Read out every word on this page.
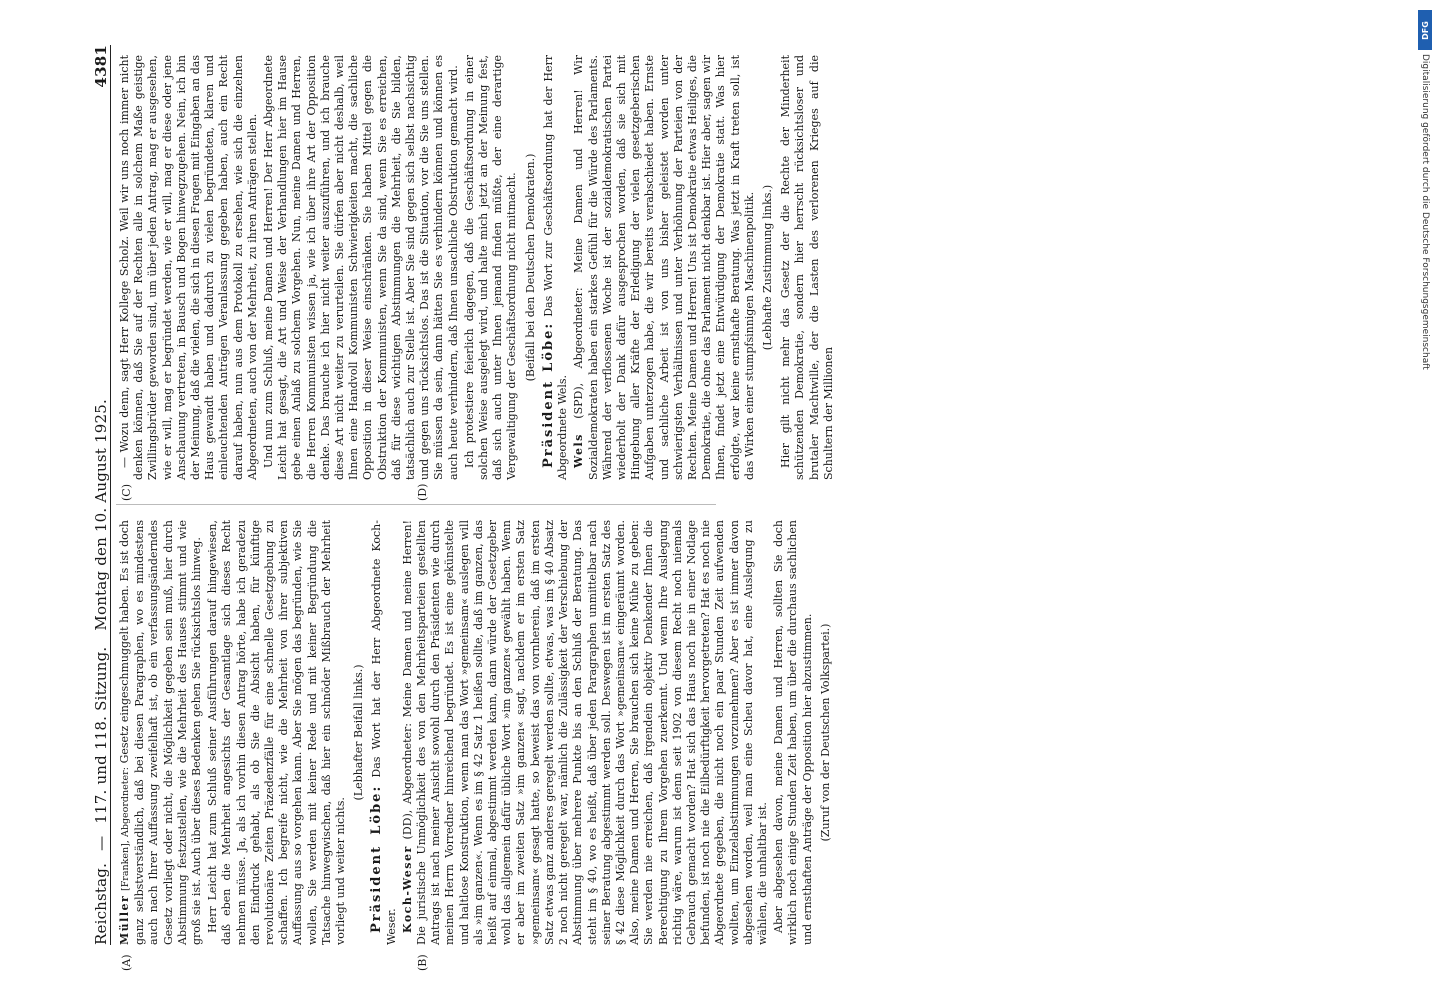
Reichstag.
—
117. und 118. Sitzung.
Montag den 10. August 1925.
4381
(A)	(B)
(C)	(D)

Müller [Franken], Abgeordneter: Gesetz eingeschmuggelt haben. Es ist doch ganz selbstverständlich, daß bei diesen Paragraphen, wo es mindestens auch nach Ihrer Auffassung zweifelhaft ist, ob ein verfassungsänderndes Gesetz vorliegt oder nicht, die Möglichkeit gegeben sein muß, hier durch Abstimmung festzustellen, wie die Mehrheit des Hauses stimmt und wie groß sie ist. Auch über dieses Bedenken gehen Sie rücksichtslos hinweg. Herr Leicht hat zum Schluß seiner Ausführungen darauf hingewiesen, daß eben die Mehrheit angesichts der Gesamtlage sich dieses Recht nehmen müsse. Ja, als ich vorhin diesen Antrag hörte, habe ich geradezu den Eindruck gehabt, als ob Sie die Absicht haben, für künftige revolutionäre Zeiten Präzedenzfälle für eine schnelle Gesetzgebung zu schaffen. Ich begreife nicht, wie die Mehrheit von ihrer subjektiven Auffassung aus so vorgehen kann. Aber Sie mögen das begründen, wie Sie wollen, Sie werden mit keiner Rede und mit keiner Begründung die Tatsache hinwegwischen, daß hier ein schnöder Mißbrauch der Mehrheit vorliegt und weiter nichts.

(Lebhafter Beifall links.)

Präsident Löbe: Das Wort hat der Herr Abgeordnete Koch-Weser. Koch-Weser (DD), Abgeordneter: Meine Damen und meine Herren! Die juristische Unmöglichkeit des von den Mehrheitsparteien gestellten Antrags ist nach meiner Ansicht sowohl durch den Präsidenten wie durch meinen Herrn Vorredner hinreichend begründet. Es ist eine gekünstelte und haltlose Konstruktion, wenn man das Wort »gemeinsam« auslegen will als »im ganzen«. Wenn es im § 42 Satz 1 heißen sollte, daß im ganzen, das heißt auf einmal, abgestimmt werden kann, dann würde der Gesetzgeber wohl das allgemein dafür übliche Wort »im ganzen« gewählt haben. Wenn er aber im zweiten Satz »im ganzen« sagt, nachdem er im ersten Satz »gemeinsam« gesagt hatte, so beweist das von vornherein, daß im ersten Satz etwas ganz anderes geregelt werden sollte, etwas, was im § 40 Absatz 2 noch nicht geregelt war, nämlich die Zulässigkeit der Verschiebung der Abstimmung über mehrere Punkte bis an den Schluß der Beratung. Das steht im § 40, wo es heißt, daß über jeden Paragraphen unmittelbar nach seiner Beratung abgestimmt werden soll. Deswegen ist im ersten Satz des § 42 diese Möglichkeit durch das Wort »gemeinsam« eingeräumt worden. Also, meine Damen und Herren, Sie brauchen sich keine Mühe zu geben: Sie werden nie erreichen, daß irgendein objektiv Denkender Ihnen die Berechtigung zu Ihrem Vorgehen zuerkennt. Und wenn Ihre Auslegung richtig wäre, warum ist denn seit 1902 von diesem Recht noch niemals Gebrauch gemacht worden? Hat sich das Haus noch nie in einer Notlage befunden, ist noch nie die Eilbedürftigkeit hervorgetreten? Hat es noch nie Abgeordnete gegeben, die nicht noch ein paar Stunden Zeit aufwenden wollten, um Einzelabstimmungen vorzunehmen? Aber es ist immer davon abgesehen worden, weil man eine Scheu davor hat, eine Auslegung zu wählen, die unhaltbar ist. Aber abgesehen davon, meine Damen und Herren, sollten Sie doch wirklich noch einige Stunden Zeit haben, um über die durchaus sachlichen und ernsthaften Anträge der Opposition hier abzustimmen. (Zuruf von der Deutschen Volkspartei.)

— Wozu denn, sagt Herr Kollege Scholz. Weil wir uns noch immer nicht denken können, daß Sie auf der Rechten alle in solchem Maße geistige Zwillingsbrüder geworden sind, um über jeden Antrag, mag er ausgesehen, wie er will, mag er begründet werden, wie er will, mag er diese oder jene Anschauung vertreten, in Bausch und Bogen hinwegzugehen. Nein, ich bin der Meinung, daß die vielen, die sich in diesen Fragen mit Eingaben an das Haus gewandt haben und dadurch zu vielen begründeten, klaren und einleuchtenden Anträgen Veranlassung gegeben haben, auch ein Recht darauf haben, nun aus dem Protokoll zu ersehen, wie sich die einzelnen Abgeordneten, auch von der Mehrheit, zu ihren Anträgen stellen. Und nun zum Schluß, meine Damen und Herren! Der Herr Abgeordnete Leicht hat gesagt, die Art und Weise der Verhandlungen hier im Hause gebe einen Anlaß zu solchem Vorgehen. Nun, meine Damen und Herren, die Herren Kommunisten wissen ja, wie ich über ihre Art der Opposition denke. Das brauche ich hier nicht weiter auszuführen, und ich brauche diese Art nicht weiter zu verurteilen. Sie dürfen aber nicht deshalb, weil Ihnen eine Handvoll Kommunisten Schwierigkeiten macht, die sachliche Opposition in dieser Weise einschränken. Sie haben Mittel gegen die Obstruktion der Kommunisten, wenn Sie da sind, wenn Sie es erreichen, daß für diese wichtigen Abstimmungen die Mehrheit, die Sie bilden, tatsächlich auch zur Stelle ist. Aber Sie sind gegen sich selbst nachsichtig und gegen uns rücksichtslos. Das ist die Situation, vor die Sie uns stellen. Sie müssen da sein, dann hätten Sie es verhindern können und können es auch heute verhindern, daß Ihnen unsachliche Obstruktion gemacht wird. Ich protestiere feierlich dagegen, daß die Geschäftsordnung in einer solchen Weise ausgelegt wird, und halte mich jetzt an der Meinung fest, daß sich auch unter Ihnen jemand finden müßte, der eine derartige Vergewaltigung der Geschäftsordnung nicht mitmacht. (Beifall bei den Deutschen Demokraten.)

Präsident Löbe: Das Wort zur Geschäftsordnung hat der Herr Abgeordnete Wels. Wels (SPD), Abgeordneter: Meine Damen und Herren! Wir Sozialdemokraten haben ein starkes Gefühl für die Würde des Parlaments. Während der verflossenen Woche ist der sozialdemokratischen Partei wiederholt der Dank dafür ausgesprochen worden, daß sie sich mit Hingebung aller Kräfte der Erledigung der vielen gesetzgeberischen Aufgaben unterzogen habe, die wir bereits verabschiedet haben. Ernste und sachliche Arbeit ist von uns bisher geleistet worden unter schwierigsten Verhältnissen und unter Verhöhnung der Parteien von der Rechten. Meine Damen und Herren! Uns ist Demokratie etwas Heiliges, die Demokratie, die ohne das Parlament nicht denkbar ist. Hier aber, sagen wir Ihnen, findet jetzt eine Entwürdigung der Demokratie statt. Was hier erfolgte, war keine ernsthafte Beratung. Was jetzt in Kraft treten soll, ist das Wirken einer stumpfsinnigen Maschinenpolitik. (Lebhafte Zustimmung links.) Hier gilt nicht mehr das Gesetz der die Rechte der Minderheit schützenden Demokratie, sondern hier herrscht rücksichtsloser und brutaler Machtwille, der die Lasten des verlorenen Krieges auf die Schultern der Millionen

DFG
Digitalisierung gefördert durch die Deutsche Forschungsgemeinschaft
